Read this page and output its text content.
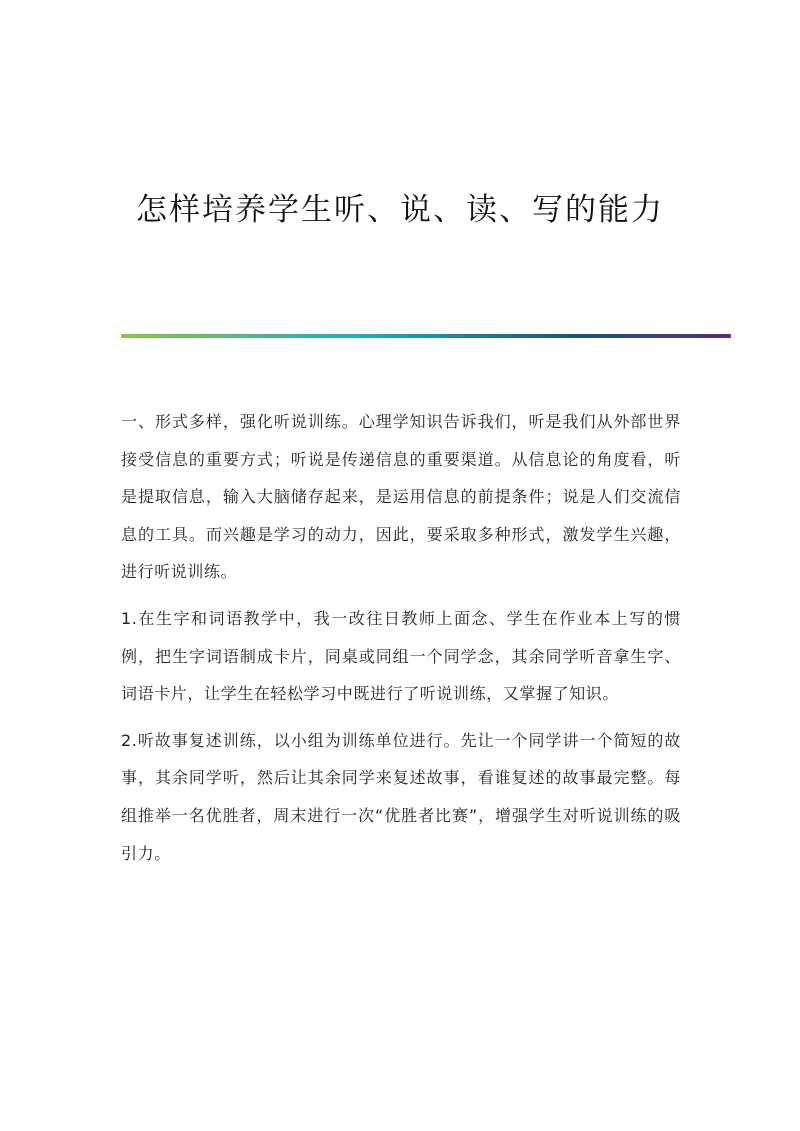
怎样培养学生听、说、读、写的能力

一、形式多样，强化听说训练。心理学知识告诉我们，听是我们从外部世界接受信息的重要方式；听说是传递信息的重要渠道。从信息论的角度看，听是提取信息，输入大脑储存起来，是运用信息的前提条件；说是人们交流信息的工具。而兴趣是学习的动力，因此，要采取多种形式，激发学生兴趣，进行听说训练。

1.在生字和词语教学中，我一改往日教师上面念、学生在作业本上写的惯例，把生字词语制成卡片，同桌或同组一个同学念，其余同学听音拿生字、词语卡片，让学生在轻松学习中既进行了听说训练，又掌握了知识。

2.听故事复述训练，以小组为训练单位进行。先让一个同学讲一个简短的故事，其余同学听，然后让其余同学来复述故事，看谁复述的故事最完整。每组推举一名优胜者，周末进行一次“优胜者比赛”，增强学生对听说训练的吸引力。
